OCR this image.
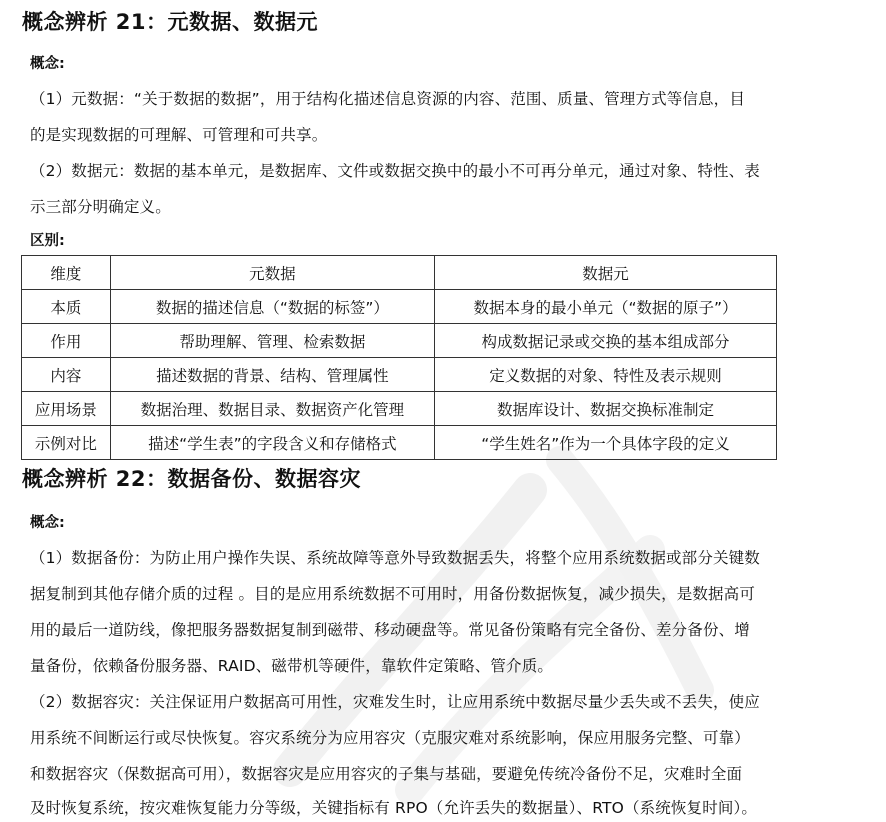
概念辨析 21：元数据、数据元
概念:
（1）元数据：“关于数据的数据”，用于结构化描述信息资源的内容、范围、质量、管理方式等信息，目
的是实现数据的可理解、可管理和可共享。
（2）数据元：数据的基本单元，是数据库、文件或数据交换中的最小不可再分单元，通过对象、特性、表
示三部分明确定义。
区别:
维度	元数据	数据元
本质	数据的描述信息（“数据的标签”）	数据本身的最小单元（“数据的原子”）
作用	帮助理解、管理、检索数据	构成数据记录或交换的基本组成部分
内容	描述数据的背景、结构、管理属性	定义数据的对象、特性及表示规则
应用场景	数据治理、数据目录、数据资产化管理	数据库设计、数据交换标准制定
示例对比	描述“学生表”的字段含义和存储格式	“学生姓名”作为一个具体字段的定义
概念辨析 22：数据备份、数据容灾
概念:
（1）数据备份：为防止用户操作失误、系统故障等意外导致数据丢失，将整个应用系统数据或部分关键数
据复制到其他存储介质的过程 。目的是应用系统数据不可用时，用备份数据恢复，减少损失，是数据高可
用的最后一道防线，像把服务器数据复制到磁带、移动硬盘等。常见备份策略有完全备份、差分备份、增
量备份，依赖备份服务器、RAID、磁带机等硬件，靠软件定策略、管介质。
（2）数据容灾：关注保证用户数据高可用性，灾难发生时，让应用系统中数据尽量少丢失或不丢失，使应
用系统不间断运行或尽快恢复。容灾系统分为应用容灾（克服灾难对系统影响，保应用服务完整、可靠）
和数据容灾（保数据高可用），数据容灾是应用容灾的子集与基础，要避免传统冷备份不足，灾难时全面
及时恢复系统，按灾难恢复能力分等级，关键指标有 RPO（允许丢失的数据量）、RTO（系统恢复时间）。
